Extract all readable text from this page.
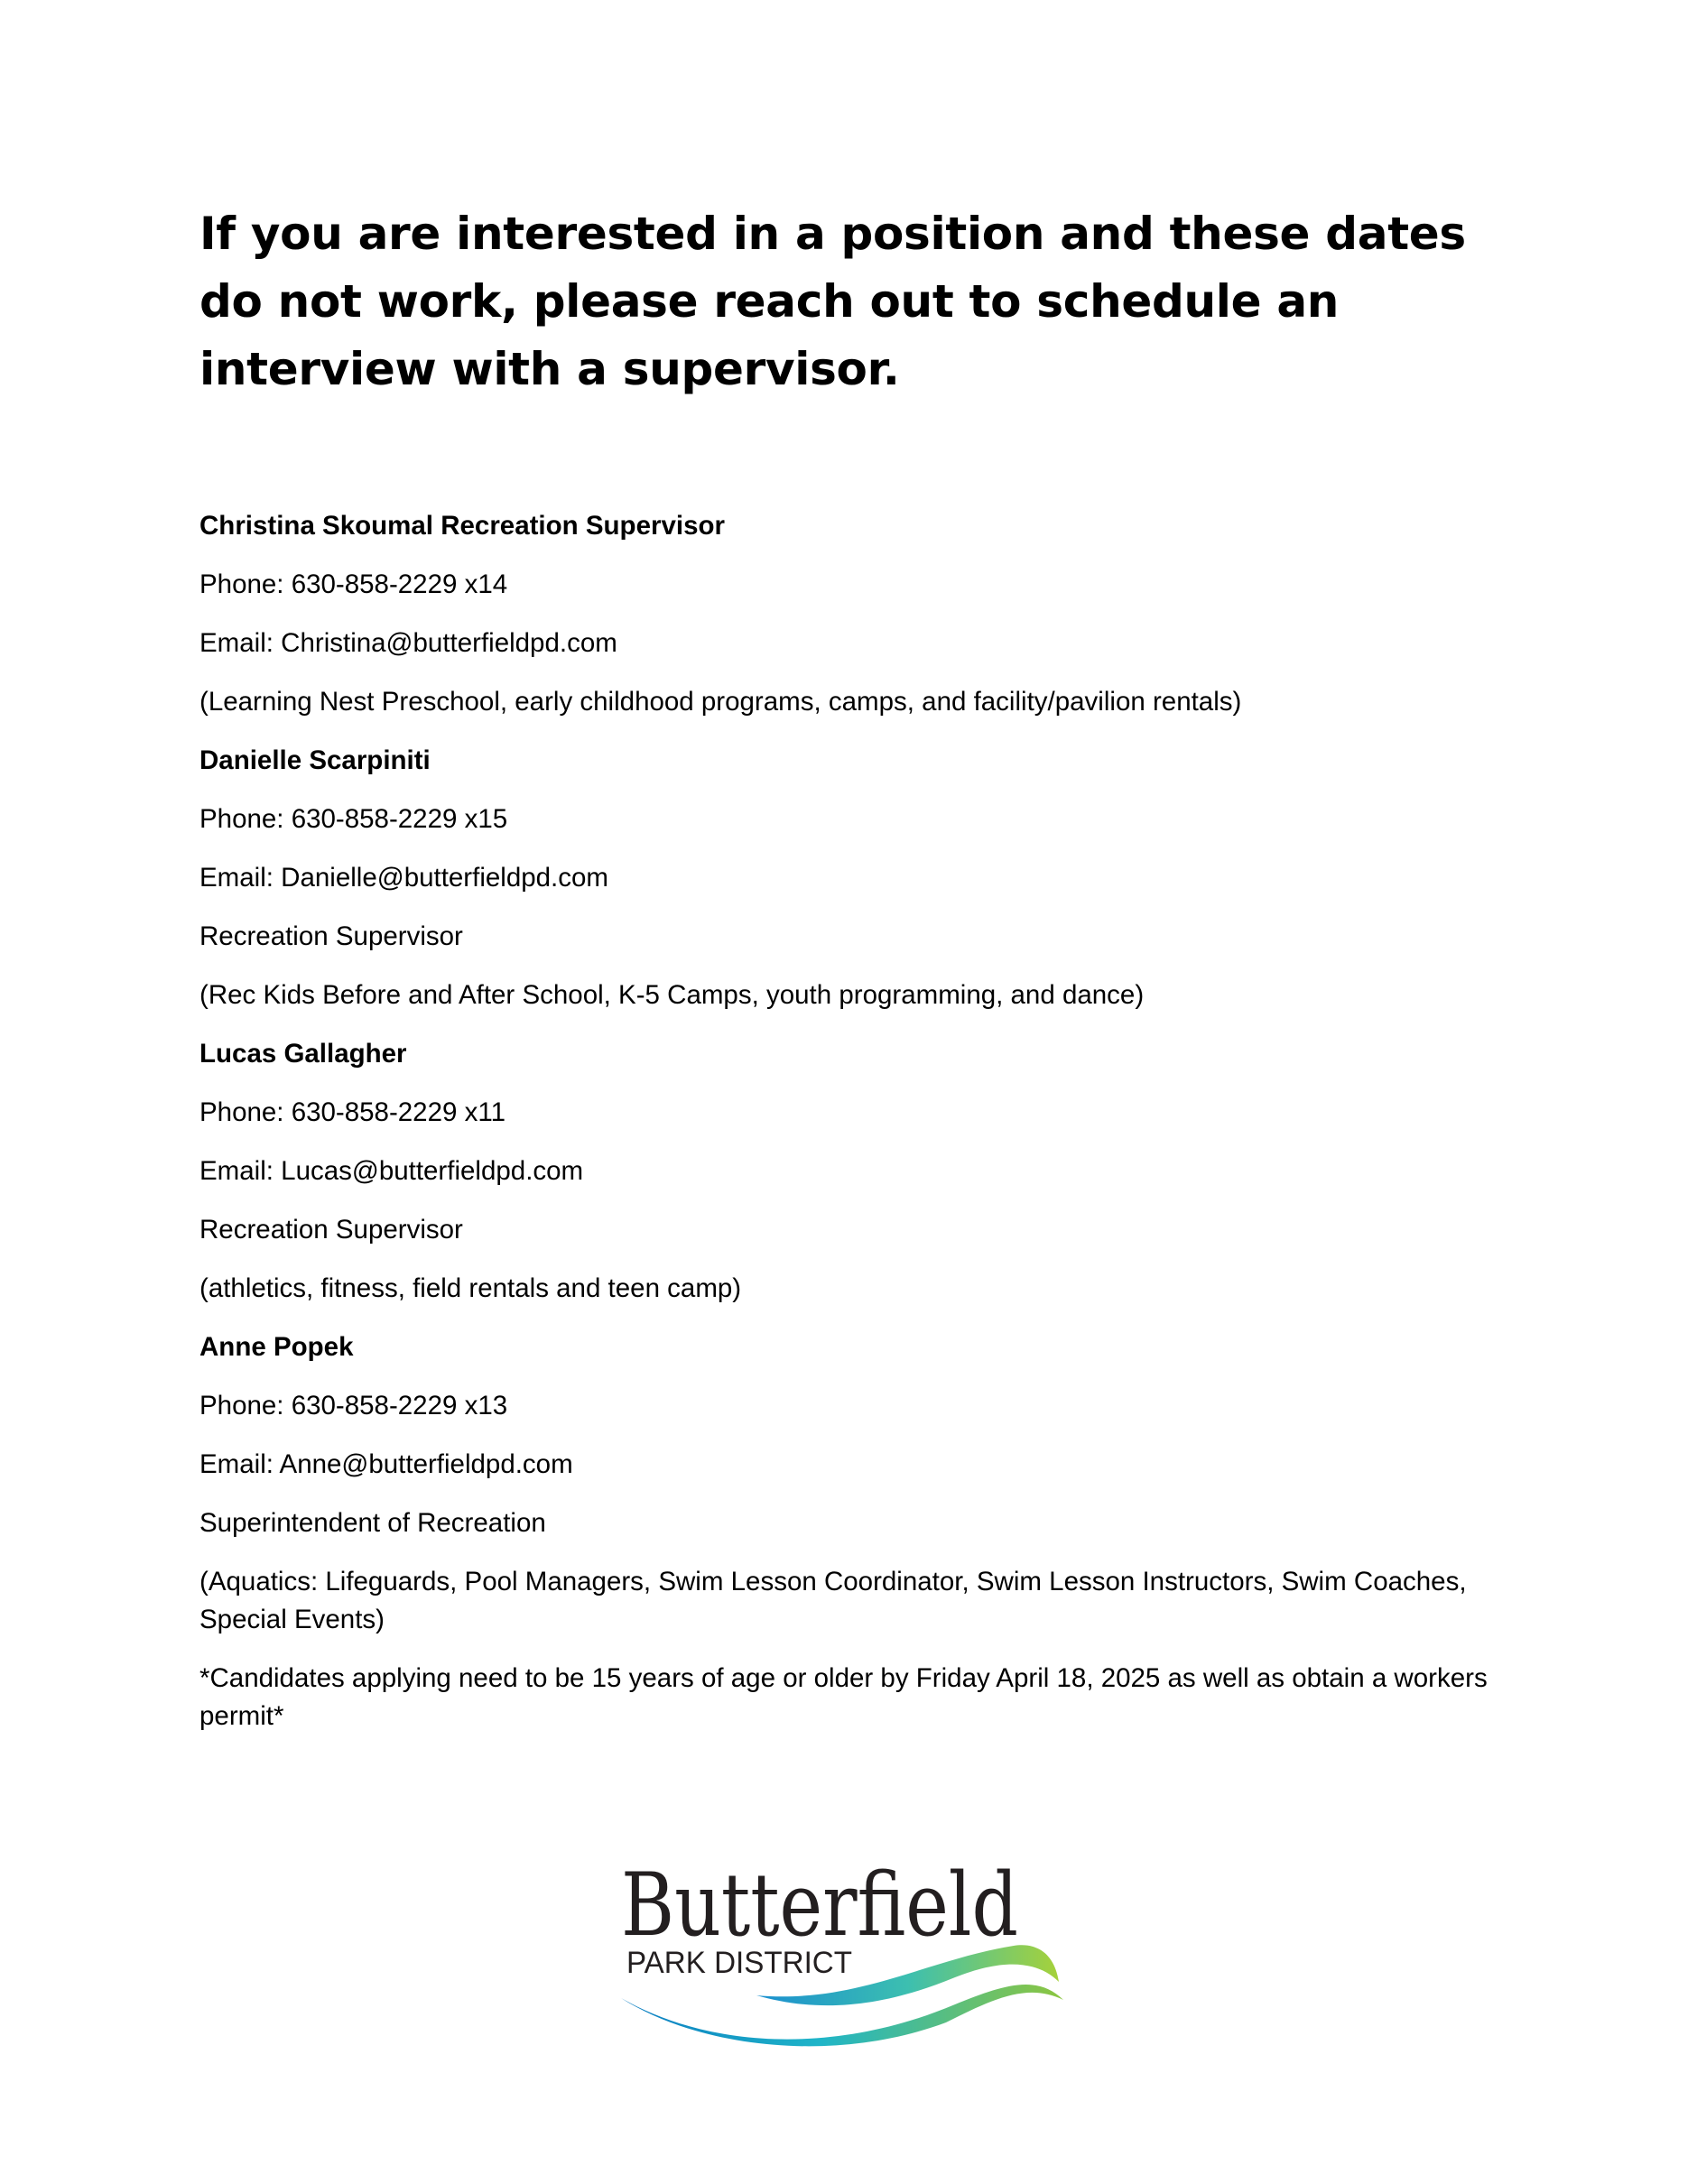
If you are interested in a position and these dates do not work, please reach out to schedule an interview with a supervisor.
Christina Skoumal Recreation Supervisor
Phone: 630-858-2229 x14
Email: Christina@butterfieldpd.com
(Learning Nest Preschool, early childhood programs, camps, and facility/pavilion rentals)
Danielle Scarpiniti
Phone: 630-858-2229 x15
Email: Danielle@butterfieldpd.com
Recreation Supervisor
(Rec Kids Before and After School, K-5 Camps, youth programming, and dance)
Lucas Gallagher
Phone: 630-858-2229 x11
Email: Lucas@butterfieldpd.com
Recreation Supervisor
(athletics, fitness, field rentals and teen camp)
Anne Popek
Phone: 630-858-2229 x13
Email: Anne@butterfieldpd.com
Superintendent of Recreation
(Aquatics: Lifeguards, Pool Managers, Swim Lesson Coordinator, Swim Lesson Instructors, Swim Coaches, Special Events)
*Candidates applying need to be 15 years of age or older by Friday April 18, 2025 as well as obtain a workers permit*
Butterfield
PARK DISTRICT
